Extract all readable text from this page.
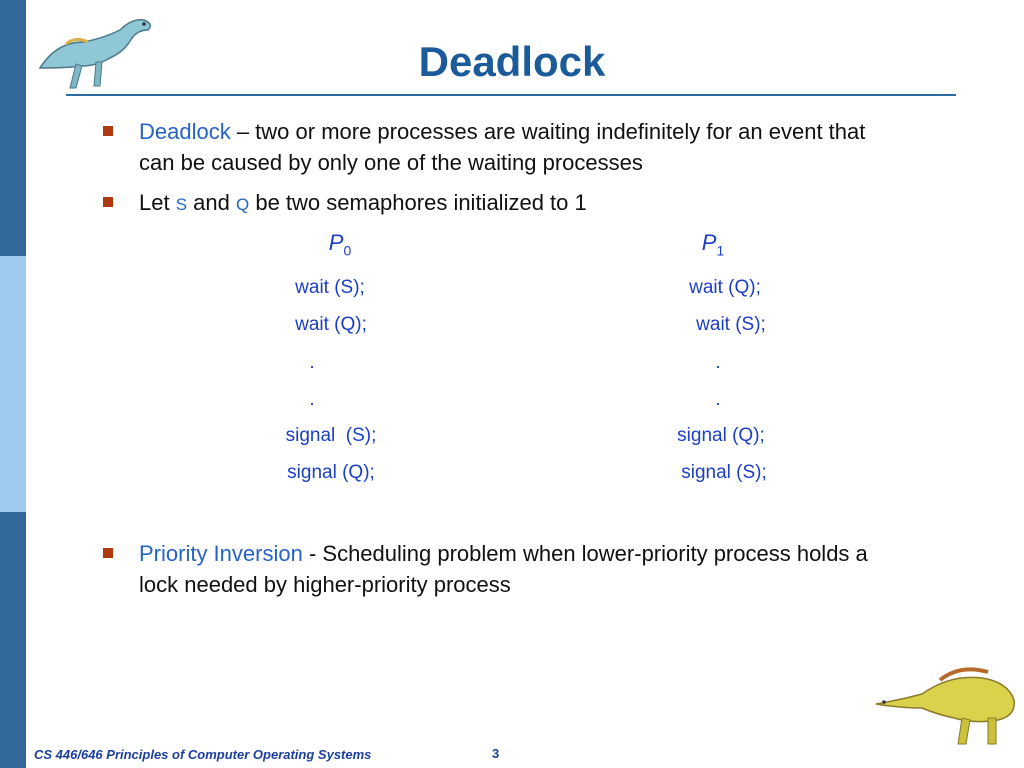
Deadlock
Deadlock – two or more processes are waiting indefinitely for an event that
can be caused by only one of the waiting processes
Let S and Q be two semaphores initialized to 1
$P_0$	$P_1$
wait (S);
wait (Q);
.
.
signal  (S);
signal (Q);
wait (Q);
wait (S);
.
.
signal (Q);
signal (S);
Priority Inversion - Scheduling problem when lower-priority process holds a
lock needed by higher-priority process
CS 446/646 Principles of Computer Operating Systems	3
